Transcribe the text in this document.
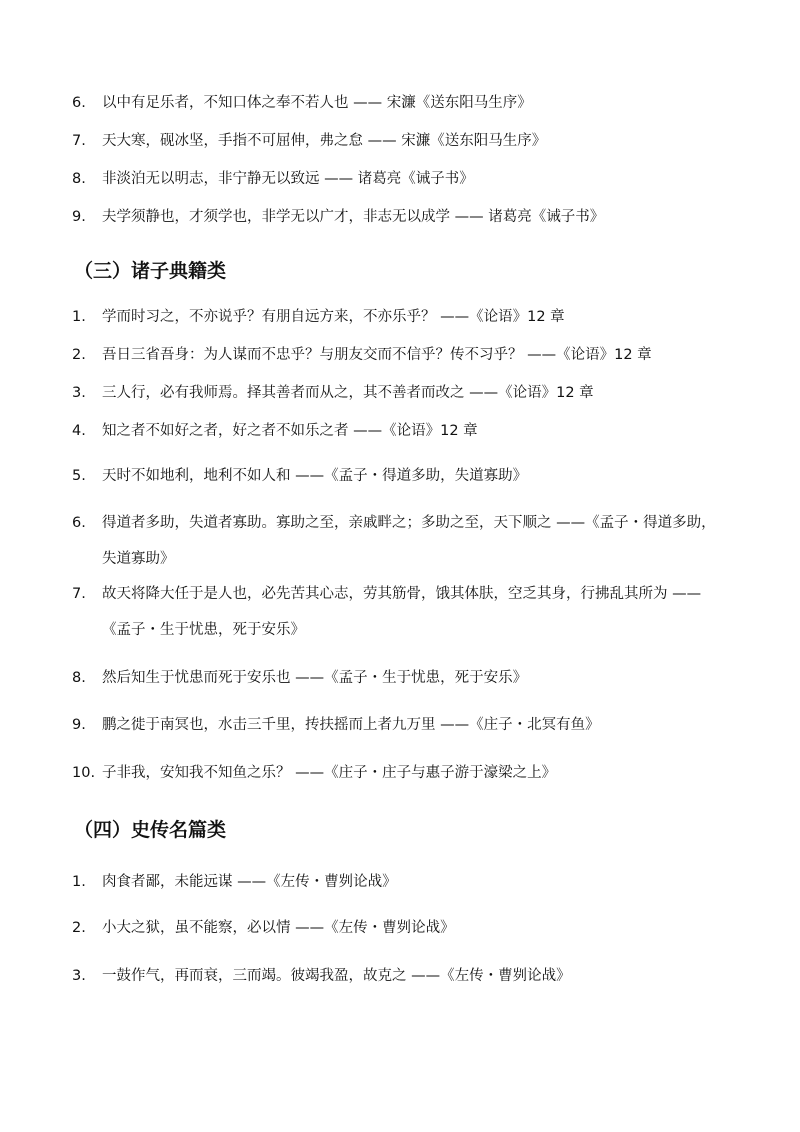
6. 以中有足乐者，不知口体之奉不若人也 —— 宋濂《送东阳马生序》
7. 天大寒，砚冰坚，手指不可屈伸，弗之怠 —— 宋濂《送东阳马生序》
8. 非淡泊无以明志，非宁静无以致远 —— 诸葛亮《诫子书》
9. 夫学须静也，才须学也，非学无以广才，非志无以成学 —— 诸葛亮《诫子书》
（三）诸子典籍类
1. 学而时习之，不亦说乎？有朋自远方来，不亦乐乎？ ——《论语》12 章
2. 吾日三省吾身：为人谋而不忠乎？与朋友交而不信乎？传不习乎？ ——《论语》12 章
3. 三人行，必有我师焉。择其善者而从之，其不善者而改之 ——《论语》12 章
4. 知之者不如好之者，好之者不如乐之者 ——《论语》12 章
5. 天时不如地利，地利不如人和 ——《孟子・得道多助，失道寡助》
6. 得道者多助，失道者寡助。寡助之至，亲戚畔之；多助之至，天下顺之 ——《孟子・得道多助，
失道寡助》
7. 故天将降大任于是人也，必先苦其心志，劳其筋骨，饿其体肤，空乏其身，行拂乱其所为 ——
《孟子・生于忧患，死于安乐》
8. 然后知生于忧患而死于安乐也 ——《孟子・生于忧患，死于安乐》
9. 鹏之徙于南冥也，水击三千里，抟扶摇而上者九万里 ——《庄子・北冥有鱼》
10. 子非我，安知我不知鱼之乐？ ——《庄子・庄子与惠子游于濠梁之上》
（四）史传名篇类
1. 肉食者鄙，未能远谋 ——《左传・曹刿论战》
2. 小大之狱，虽不能察，必以情 ——《左传・曹刿论战》
3. 一鼓作气，再而衰，三而竭。彼竭我盈，故克之 ——《左传・曹刿论战》
